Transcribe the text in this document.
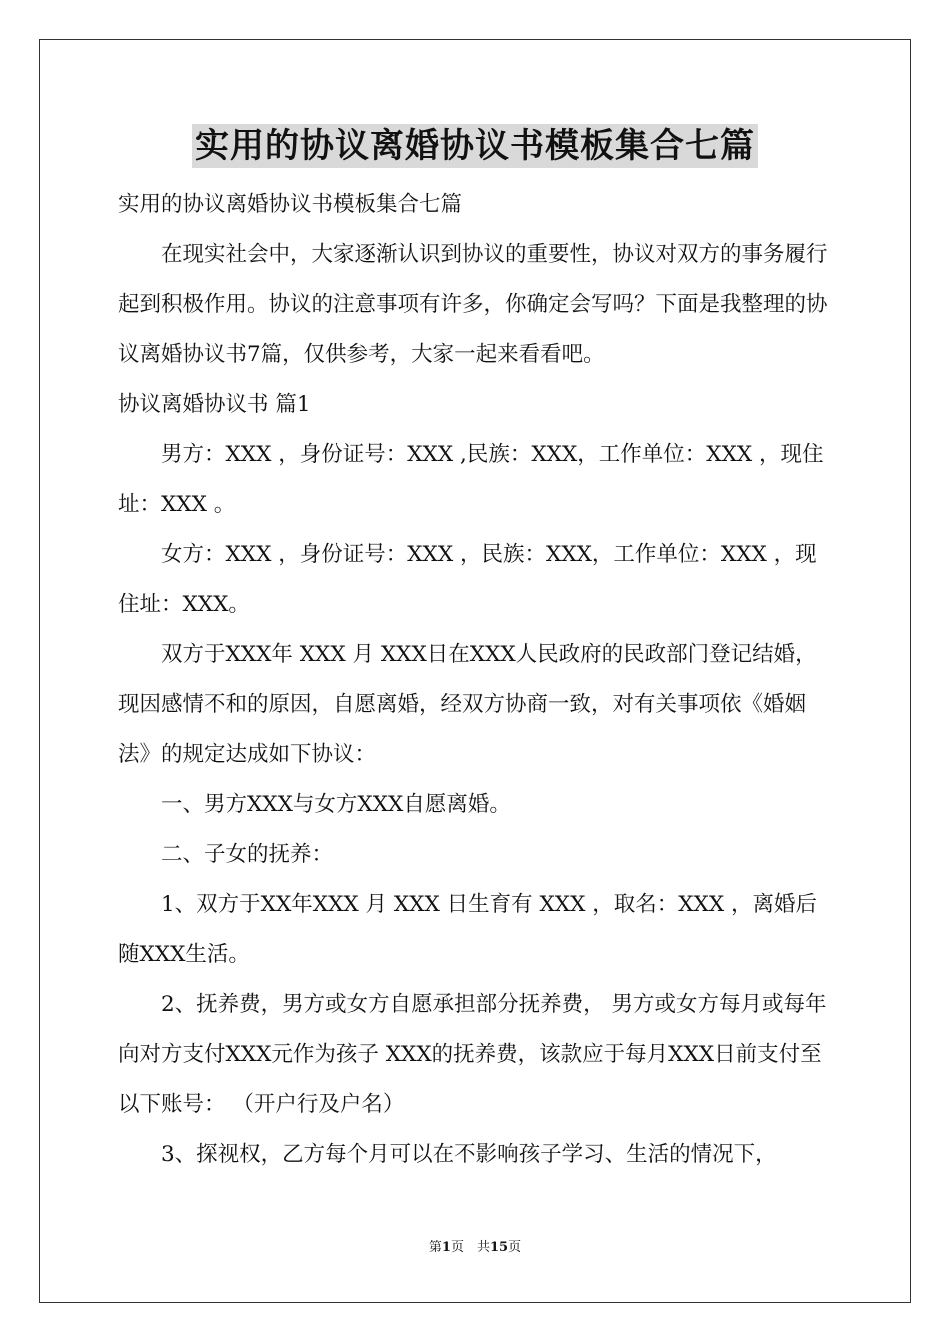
实用的协议离婚协议书模板集合七篇

实用的协议离婚协议书模板集合七篇

在现实社会中，大家逐渐认识到协议的重要性，协议对双方的事务履行起到积极作用。协议的注意事项有许多，你确定会写吗？下面是我整理的协议离婚协议书7篇，仅供参考，大家一起来看看吧。

协议离婚协议书 篇1

男方：XXX ，身份证号：XXX ,民族：XXX，工作单位：XXX ，现住址：XXX 。

女方：XXX ，身份证号：XXX ，民族：XXX，工作单位：XXX ，现住址：XXX。

双方于XXX年 XXX 月 XXX日在XXX人民政府的民政部门登记结婚，现因感情不和的原因，自愿离婚，经双方协商一致，对有关事项依《婚姻法》的规定达成如下协议：

一、男方XXX与女方XXX自愿离婚。

二、子女的抚养：

1、双方于XX年XXX 月 XXX 日生育有 XXX ，取名：XXX ，离婚后随XXX生活。

2、抚养费，男方或女方自愿承担部分抚养费， 男方或女方每月或每年向对方支付XXX元作为孩子 XXX的抚养费，该款应于每月XXX日前支付至以下账号： （开户行及户名）

3、探视权，乙方每个月可以在不影响孩子学习、生活的情况下，

第1页　共15页
